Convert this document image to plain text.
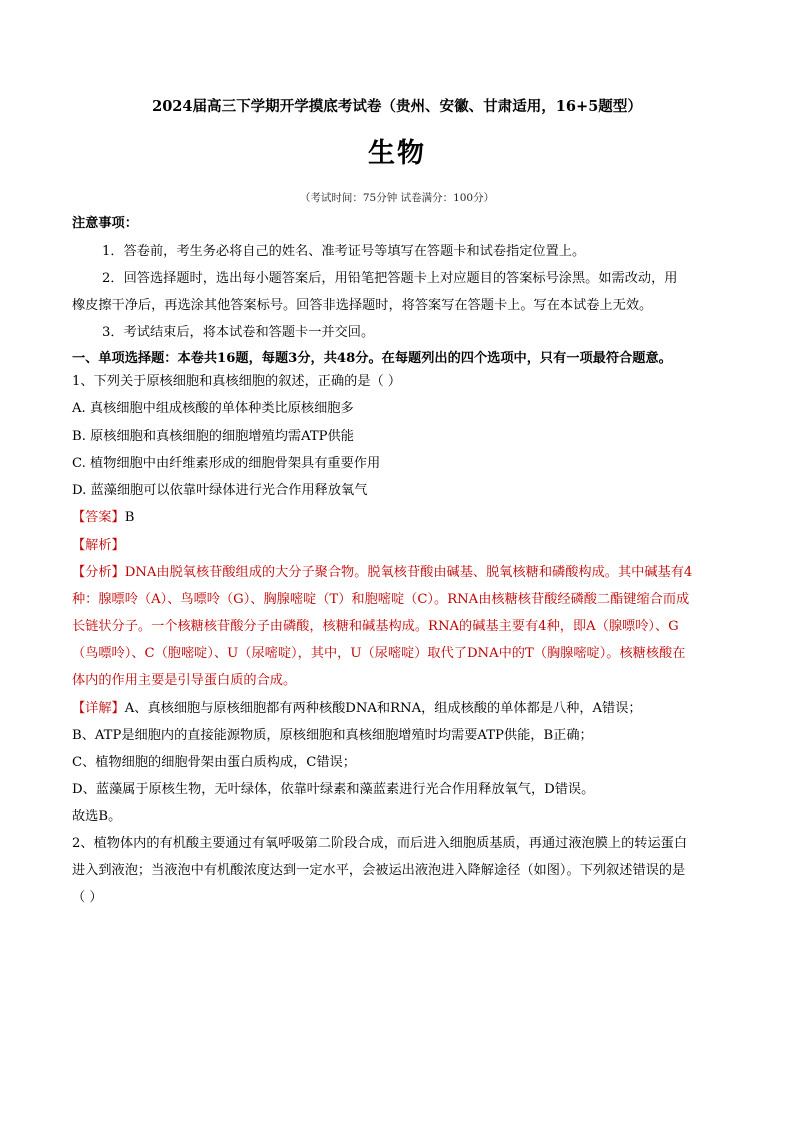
2024届高三下学期开学摸底考试卷（贵州、安徽、甘肃适用，16+5题型）
生物
（考试时间：75分钟 试卷满分：100分）
注意事项：
1．答卷前，考生务必将自己的姓名、准考证号等填写在答题卡和试卷指定位置上。
2．回答选择题时，选出每小题答案后，用铅笔把答题卡上对应题目的答案标号涂黑。如需改动，用
橡皮擦干净后，再选涂其他答案标号。回答非选择题时，将答案写在答题卡上。写在本试卷上无效。
3．考试结束后，将本试卷和答题卡一并交回。
一、单项选择题：本卷共16题，每题3分，共48分。在每题列出的四个选项中，只有一项最符合题意。
1、下列关于原核细胞和真核细胞的叙述，正确的是（ ）
A. 真核细胞中组成核酸的单体种类比原核细胞多
B. 原核细胞和真核细胞的细胞增殖均需ATP供能
C. 植物细胞中由纤维素形成的细胞骨架具有重要作用
D. 蓝藻细胞可以依靠叶绿体进行光合作用释放氧气
【答案】B
【解析】
【分析】DNA由脱氧核苷酸组成的大分子聚合物。脱氧核苷酸由碱基、脱氧核糖和磷酸构成。其中碱基有4
种：腺嘌呤（A）、鸟嘌呤（G）、胸腺嘧啶（T）和胞嘧啶（C）。RNA由核糖核苷酸经磷酸二酯键缩合而成
长链状分子。一个核糖核苷酸分子由磷酸，核糖和碱基构成。RNA的碱基主要有4种，即A（腺嘌呤）、G
（鸟嘌呤）、C（胞嘧啶）、U（尿嘧啶），其中，U（尿嘧啶）取代了DNA中的T（胸腺嘧啶）。核糖核酸在
体内的作用主要是引导蛋白质的合成。
【详解】A、真核细胞与原核细胞都有两种核酸DNA和RNA，组成核酸的单体都是八种，A错误；
B、ATP是细胞内的直接能源物质，原核细胞和真核细胞增殖时均需要ATP供能，B正确；
C、植物细胞的细胞骨架由蛋白质构成，C错误；
D、蓝藻属于原核生物，无叶绿体，依靠叶绿素和藻蓝素进行光合作用释放氧气，D错误。
故选B。
2、植物体内的有机酸主要通过有氧呼吸第二阶段合成，而后进入细胞质基质，再通过液泡膜上的转运蛋白
进入到液泡；当液泡中有机酸浓度达到一定水平，会被运出液泡进入降解途径（如图）。下列叙述错误的是
（ ）
